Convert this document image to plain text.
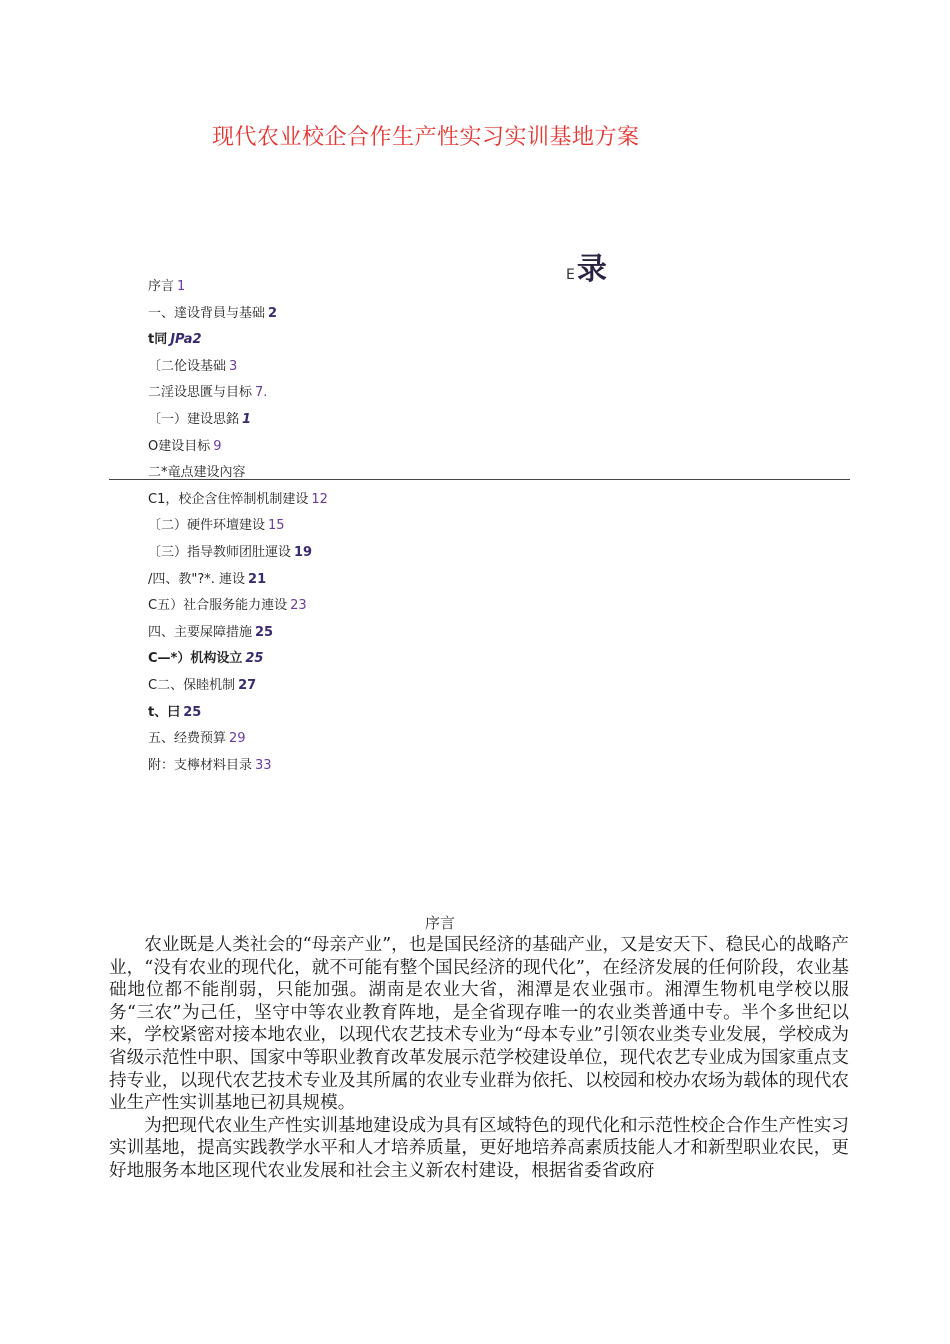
现代农业校企合作生产性实习实训基地方案
E录
序言 1
一、達设背員与基础 2
t同 JPa2
〔二伦设基础 3
二淫设思匱与目标 7.
〔一）建设思銘 1
O建设目标 9
二*竜点建设內容
C1，校企含住悴制机制建设 12
〔二）硬件环壇建设 15
〔三）指导教师团肚運设 19
/四、教"?*. 連设 21
C五）社合服务能力連设 23
四、主要屎障措施 25
C—*）机构设立 25
C二、保睦机制 27
t、曰 25
五、经费预算 29
附：支檸材料目录 33
序言

农业既是人类社会的“母亲产业”，也是国民经济的基础产业，又是安天下、稳民心的战略产业，“没有农业的现代化，就不可能有整个国民经济的现代化”，在经济发展的任何阶段，农业基础地位都不能削弱，只能加强。湖南是农业大省，湘潭是农业强市。湘潭生物机电学校以服务“三农”为己任，坚守中等农业教育阵地，是全省现存唯一的农业类普通中专。半个多世纪以来，学校紧密对接本地农业，以现代农艺技术专业为“母本专业”引领农业类专业发展，学校成为省级示范性中职、国家中等职业教育改革发展示范学校建设单位，现代农艺专业成为国家重点支持专业，以现代农艺技术专业及其所属的农业专业群为依托、以校园和校办农场为载体的现代农业生产性实训基地已初具规模。

为把现代农业生产性实训基地建设成为具有区域特色的现代化和示范性校企合作生产性实习实训基地，提高实践教学水平和人才培养质量，更好地培养高素质技能人才和新型职业农民，更好地服务本地区现代农业发展和社会主义新农村建设，根据省委省政府
